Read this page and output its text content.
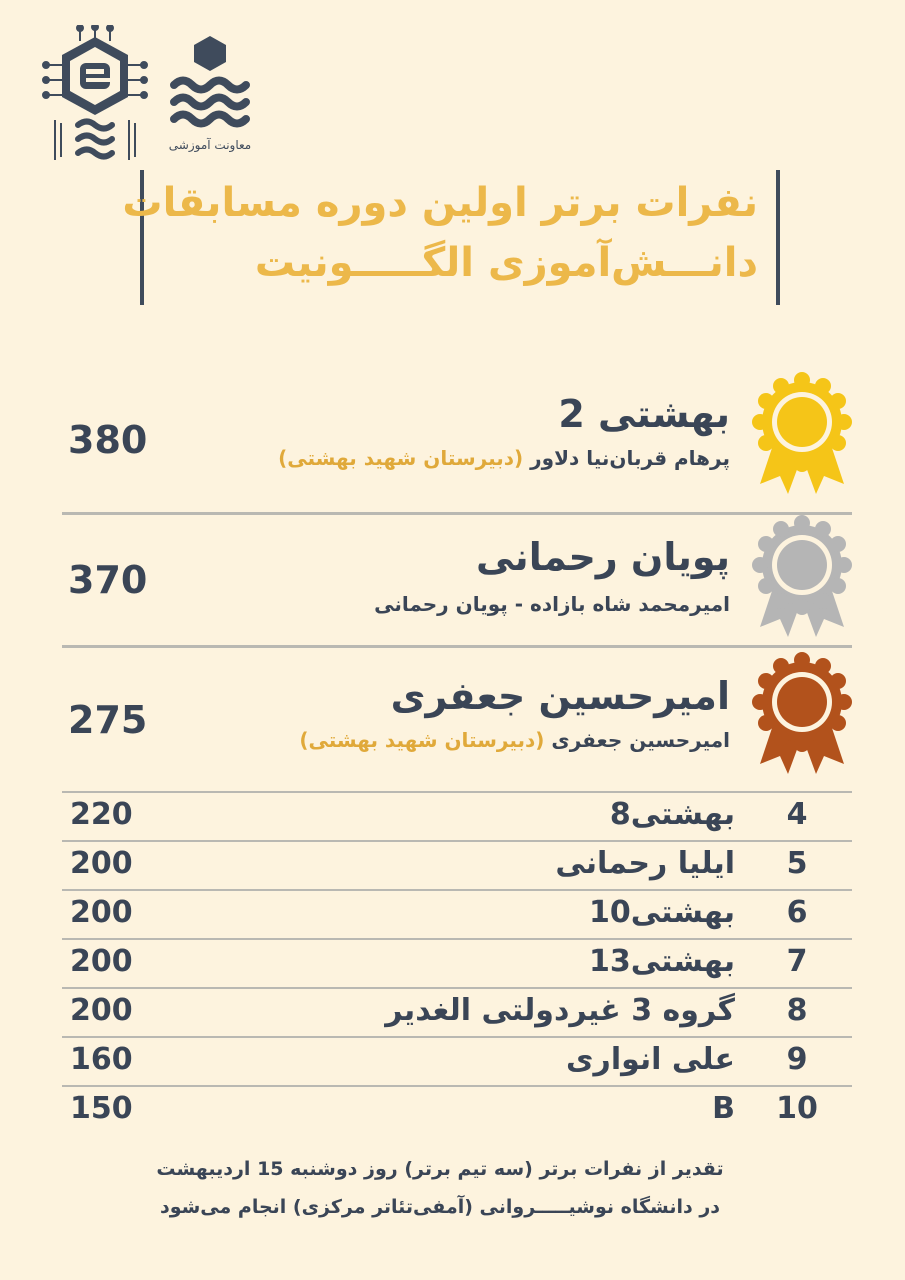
معاونت آموزشی
نفرات برتر اولین دوره مسابقات
دانـــش‌آموزی الگـــــونیت
بهشتی 2
پرهام قربان‌نیا دلاور (دبیرستان شهید بهشتی)
380
پویان رحمانی
امیرمحمد شاه بازاده - پویان رحمانی
370
امیرحسین جعفری
امیرحسین جعفری (دبیرستان شهید بهشتی)
275
4
بهشتی8
220
5
ایلیا رحمانی
200
6
بهشتی10
200
7
بهشتی13
200
8
گروه 3 غیردولتی الغدیر
200
9
علی انواری
160
10
B
150
تقدیر از نفرات برتر (سه تیم برتر) روز دوشنبه 15 اردیبهشت
در دانشگاه نوشیـــــروانی (آمفی‌تئاتر مرکزی) انجام می‌شود
